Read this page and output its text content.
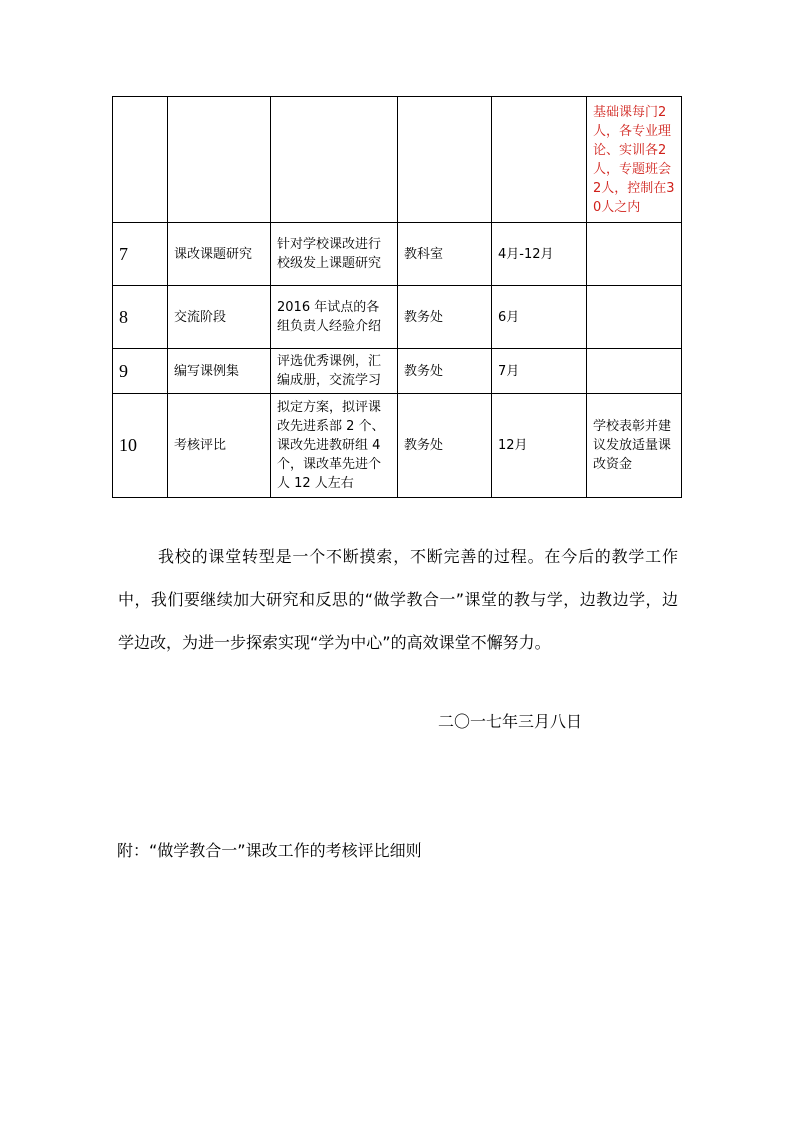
					基础课每门2人，各专业理论、实训各2人，专题班会2人，控制在30人之内
7	课改课题研究	针对学校课改进行校级发上课题研究	教科室	4月-12月	
8	交流阶段	2016 年试点的各组负责人经验介绍	教务处	6月	
9	编写课例集	评选优秀课例，汇编成册，交流学习	教务处	7月	
10	考核评比	拟定方案，拟评课改先进系部 2 个、课改先进教研组 4 个，课改革先进个人 12 人左右	教务处	12月	学校表彰并建议发放适量课改资金
我校的课堂转型是一个不断摸索，不断完善的过程。在今后的教学工作中，我们要继续加大研究和反思的“做学教合一”课堂的教与学，边教边学，边学边改，为进一步探索实现“学为中心”的高效课堂不懈努力。
二〇一七年三月八日
附：“做学教合一”课改工作的考核评比细则
